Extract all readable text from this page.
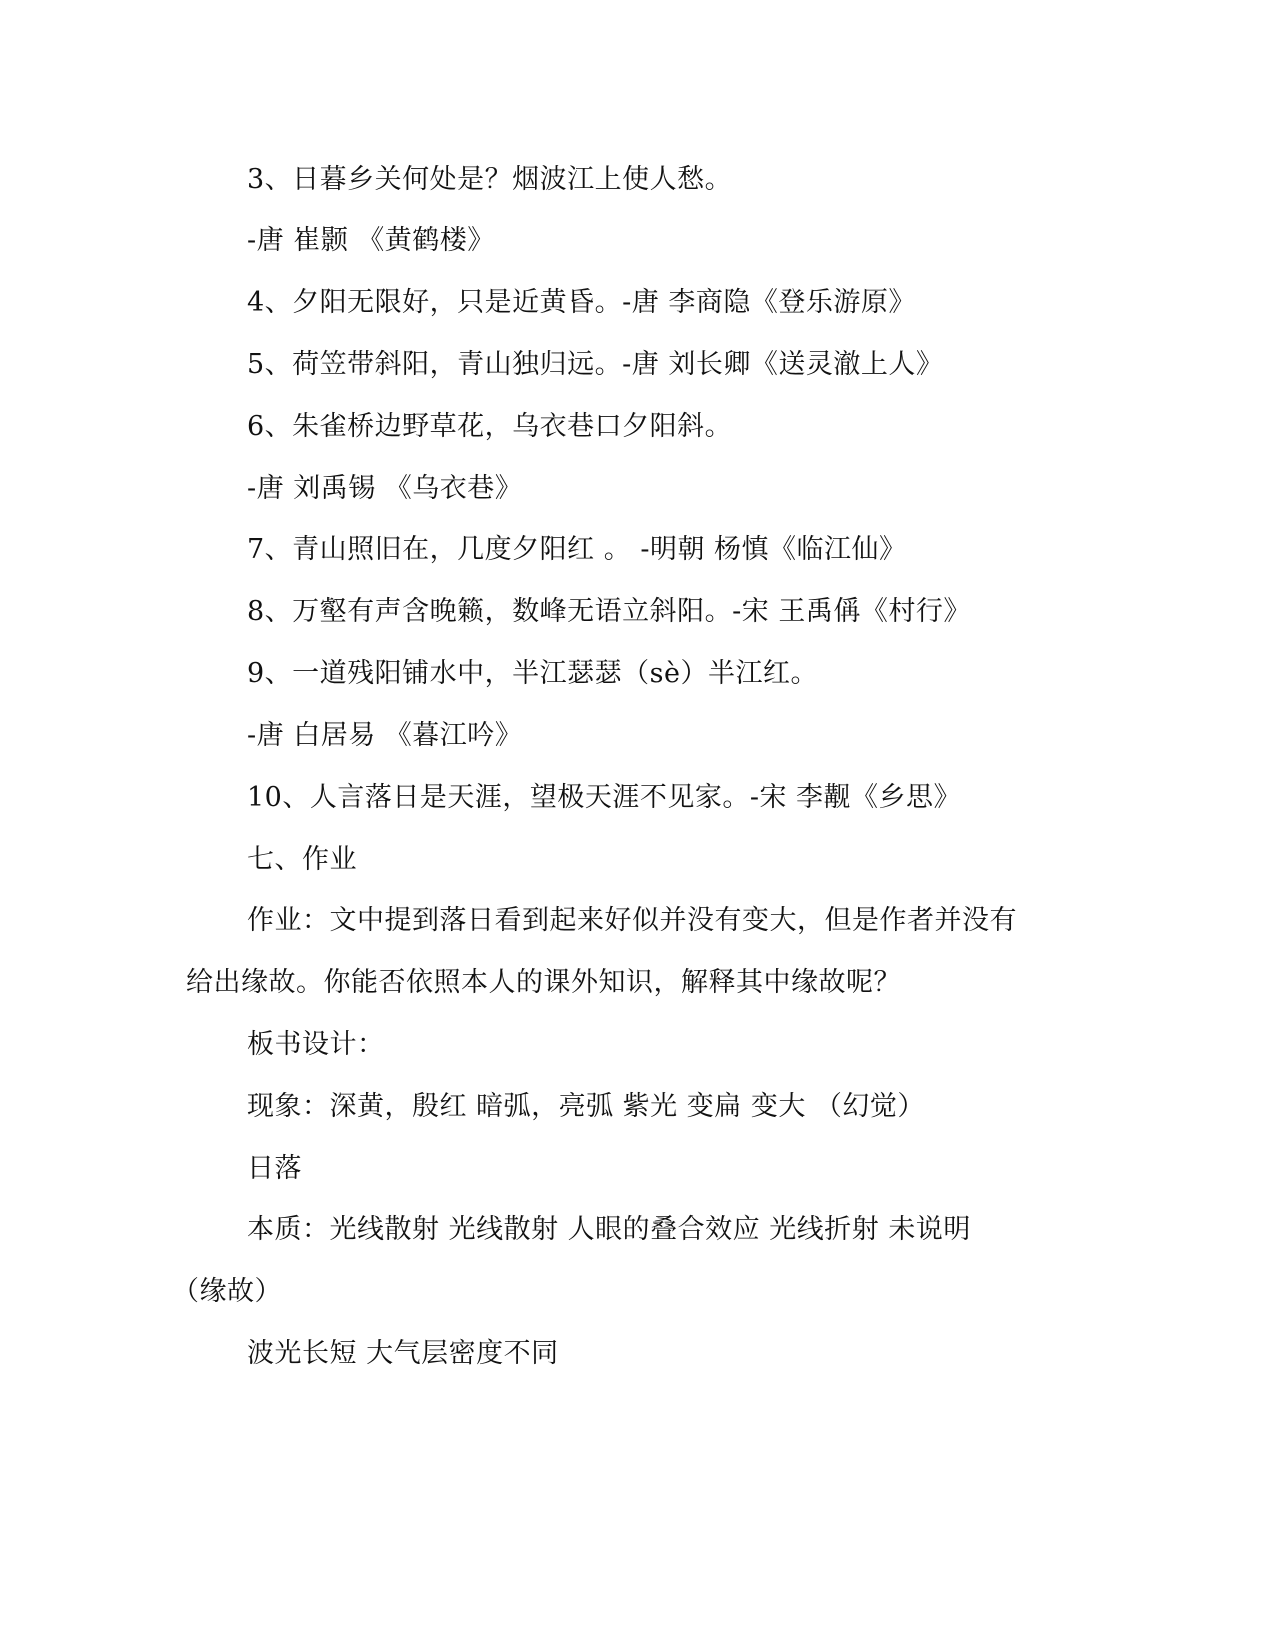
3、日暮乡关何处是？烟波江上使人愁。
-唐 崔颢 《黄鹤楼》
4、夕阳无限好，只是近黄昏。-唐 李商隐《登乐游原》
5、荷笠带斜阳，青山独归远。-唐 刘长卿《送灵澈上人》
6、朱雀桥边野草花，乌衣巷口夕阳斜。
-唐 刘禹锡 《乌衣巷》
7、青山照旧在，几度夕阳红 。 -明朝 杨慎《临江仙》
8、万壑有声含晚籁，数峰无语立斜阳。-宋 王禹偁《村行》
9、一道残阳铺水中，半江瑟瑟（sè）半江红。
-唐 白居易 《暮江吟》
10、人言落日是天涯，望极天涯不见家。-宋 李觏《乡思》
七、作业
作业：文中提到落日看到起来好似并没有变大，但是作者并没有
给出缘故。你能否依照本人的课外知识，解释其中缘故呢？
板书设计：
现象：深黄，殷红 暗弧，亮弧 紫光 变扁 变大 （幻觉）
日落
本质：光线散射 光线散射 人眼的叠合效应 光线折射 未说明
（缘故）
波光长短 大气层密度不同
